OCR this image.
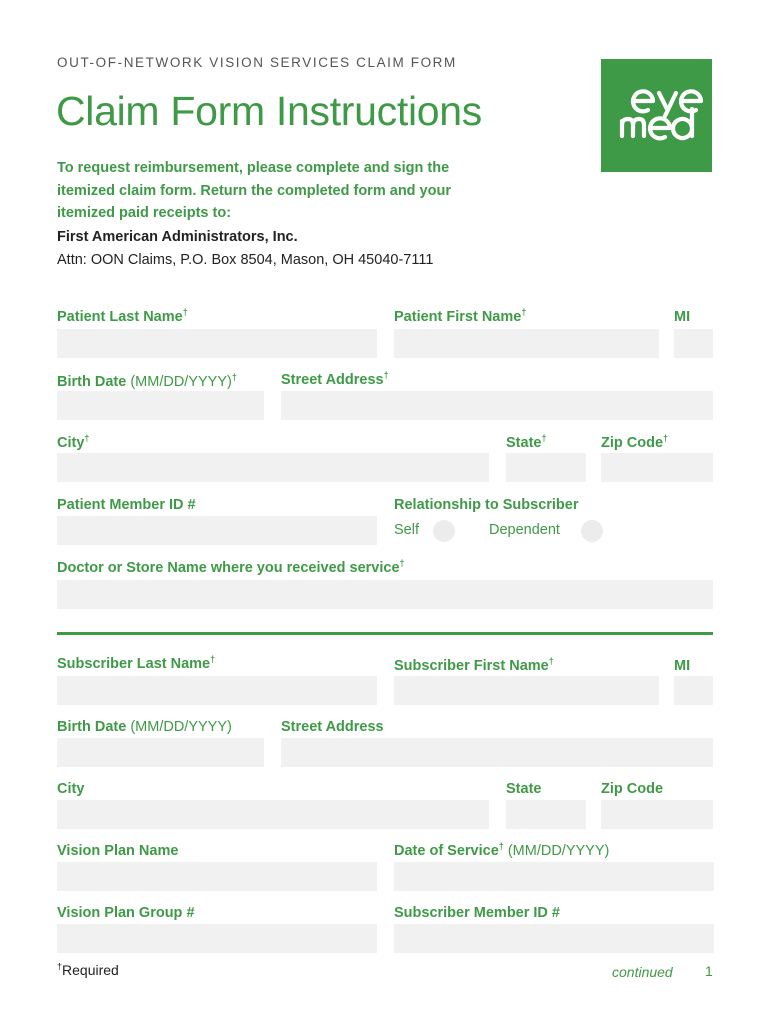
OUT-OF-NETWORK VISION SERVICES CLAIM FORM
Claim Form Instructions
To request reimbursement, please complete and sign the itemized claim form. Return the completed form and your itemized paid receipts to:
First American Administrators, Inc.
Attn: OON Claims, P.O. Box 8504, Mason, OH 45040-7111
Patient Last Name†	Patient First Name†	MI
Birth Date (MM/DD/YYYY)†	Street Address†
City†	State†	Zip Code†
Patient Member ID #	Relationship to Subscriber
Self	Dependent
Doctor or Store Name where you received service†
Subscriber Last Name†	Subscriber First Name†	MI
Birth Date (MM/DD/YYYY)	Street Address
City	State	Zip Code
Vision Plan Name	Date of Service† (MM/DD/YYYY)
Vision Plan Group #	Subscriber Member ID #
†Required	continued 1
